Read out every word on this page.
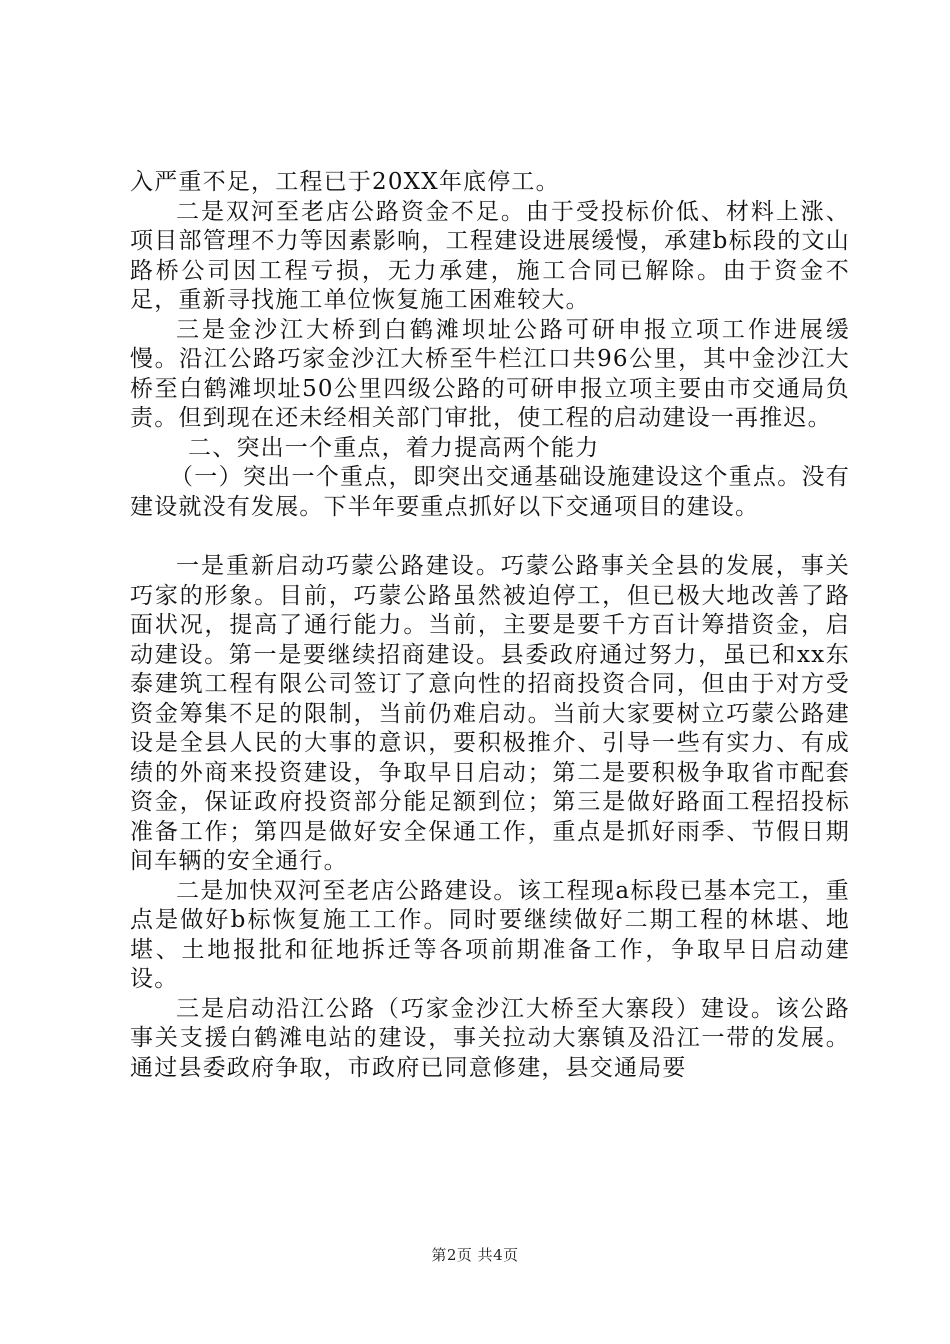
入严重不足，工程已于20XX年底停工。

二是双河至老店公路资金不足。由于受投标价低、材料上涨、项目部管理不力等因素影响，工程建设进展缓慢，承建b标段的文山路桥公司因工程亏损，无力承建，施工合同已解除。由于资金不足，重新寻找施工单位恢复施工困难较大。

三是金沙江大桥到白鹤滩坝址公路可研申报立项工作进展缓慢。沿江公路巧家金沙江大桥至牛栏江口共96公里，其中金沙江大桥至白鹤滩坝址50公里四级公路的可研申报立项主要由市交通局负责。但到现在还未经相关部门审批，使工程的启动建设一再推迟。

二、突出一个重点，着力提高两个能力

（一）突出一个重点，即突出交通基础设施建设这个重点。没有建设就没有发展。下半年要重点抓好以下交通项目的建设。

一是重新启动巧蒙公路建设。巧蒙公路事关全县的发展，事关巧家的形象。目前，巧蒙公路虽然被迫停工，但已极大地改善了路面状况，提高了通行能力。当前，主要是要千方百计筹措资金，启动建设。第一是要继续招商建设。县委政府通过努力，虽已和xx东泰建筑工程有限公司签订了意向性的招商投资合同，但由于对方受资金筹集不足的限制，当前仍难启动。当前大家要树立巧蒙公路建设是全县人民的大事的意识，要积极推介、引导一些有实力、有成绩的外商来投资建设，争取早日启动；第二是要积极争取省市配套资金，保证政府投资部分能足额到位；第三是做好路面工程招投标准备工作；第四是做好安全保通工作，重点是抓好雨季、节假日期间车辆的安全通行。

二是加快双河至老店公路建设。该工程现a标段已基本完工，重点是做好b标恢复施工工作。同时要继续做好二期工程的林堪、地堪、土地报批和征地拆迁等各项前期准备工作，争取早日启动建设。

三是启动沿江公路（巧家金沙江大桥至大寨段）建设。该公路事关支援白鹤滩电站的建设，事关拉动大寨镇及沿江一带的发展。通过县委政府争取，市政府已同意修建，县交通局要

第2页 共4页
